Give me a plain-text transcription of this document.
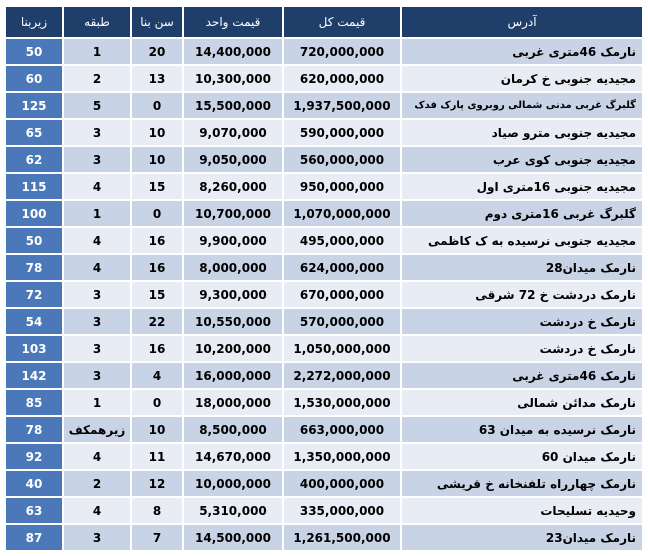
زیربنا	طبقه	سن بنا	قیمت واحد	قیمت کل	آدرس
50	1	20	14,400,000	720,000,000	نارمک 46متری غربی
60	2	13	10,300,000	620,000,000	مجیدیه جنوبی خ کرمان
125	5	0	15,500,000	1,937,500,000	گلبرگ غربی مدنی شمالی روبروی پارک فدک
65	3	10	9,070,000	590,000,000	مجیدیه جنوبی مترو صیاد
62	3	10	9,050,000	560,000,000	مجیدیه جنوبی کوی عرب
115	4	15	8,260,000	950,000,000	مجیدیه جنوبی 16متری اول
100	1	0	10,700,000	1,070,000,000	گلبرگ غربی 16متری دوم
50	4	16	9,900,000	495,000,000	مجیدیه جنوبی نرسیده به ک کاظمی
78	4	16	8,000,000	624,000,000	نارمک میدان28
72	3	15	9,300,000	670,000,000	نارمک دردشت خ 72 شرقی
54	3	22	10,550,000	570,000,000	نارمک خ دردشت
103	3	16	10,200,000	1,050,000,000	نارمک خ دردشت
142	3	4	16,000,000	2,272,000,000	نارمک 46متری غربی
85	1	0	18,000,000	1,530,000,000	نارمک مدائن شمالی
78	زیرهمکف	10	8,500,000	663,000,000	نارمک نرسیده به میدان 63
92	4	11	14,670,000	1,350,000,000	نارمک میدان 60
40	2	12	10,000,000	400,000,000	نارمک چهارراه تلفنخانه خ قریشی
63	4	8	5,310,000	335,000,000	وحیدیه تسلیحات
87	3	7	14,500,000	1,261,500,000	نارمک میدان23
